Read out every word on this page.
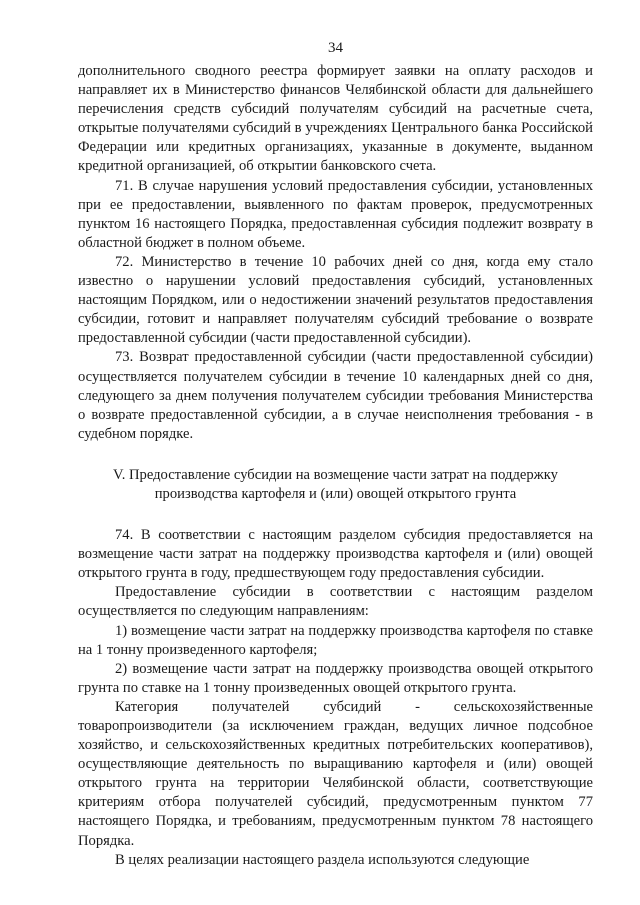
34

дополнительного сводного реестра формирует заявки на оплату расходов и направляет их в Министерство финансов Челябинской области для дальнейшего перечисления средств субсидий получателям субсидий на расчетные счета, открытые получателями субсидий в учреждениях Центрального банка Российской Федерации или кредитных организациях, указанные в документе, выданном кредитной организацией, об открытии банковского счета.

71. В случае нарушения условий предоставления субсидии, установленных при ее предоставлении, выявленного по фактам проверок, предусмотренных пунктом 16 настоящего Порядка, предоставленная субсидия подлежит возврату в областной бюджет в полном объеме.

72. Министерство в течение 10 рабочих дней со дня, когда ему стало известно о нарушении условий предоставления субсидий, установленных настоящим Порядком, или о недостижении значений результатов предоставления субсидии, готовит и направляет получателям субсидий требование о возврате предоставленной субсидии (части предоставленной субсидии).

73. Возврат предоставленной субсидии (части предоставленной субсидии) осуществляется получателем субсидии в течение 10 календарных дней со дня, следующего за днем получения получателем субсидии требования Министерства о возврате предоставленной субсидии, а в случае неисполнения требования - в судебном порядке.

V. Предоставление субсидии на возмещение части затрат на поддержку
производства картофеля и (или) овощей открытого грунта

74. В соответствии с настоящим разделом субсидия предоставляется на возмещение части затрат на поддержку производства картофеля и (или) овощей открытого грунта в году, предшествующем году предоставления субсидии.

Предоставление субсидии в соответствии с настоящим разделом осуществляется по следующим направлениям:

1) возмещение части затрат на поддержку производства картофеля по ставке на 1 тонну произведенного картофеля;

2) возмещение части затрат на поддержку производства овощей открытого грунта по ставке на 1 тонну произведенных овощей открытого грунта.

Категория получателей субсидий - сельскохозяйственные товаропроизводители (за исключением граждан, ведущих личное подсобное хозяйство, и сельскохозяйственных кредитных потребительских кооперативов), осуществляющие деятельность по выращиванию картофеля и (или) овощей открытого грунта на территории Челябинской области, соответствующие критериям отбора получателей субсидий, предусмотренным пунктом 77 настоящего Порядка, и требованиям, предусмотренным пунктом 78 настоящего Порядка.

В целях реализации настоящего раздела используются следующие
